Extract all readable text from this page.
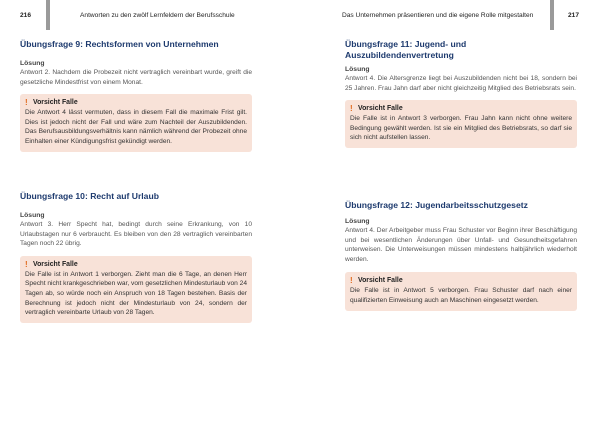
216	Antworten zu den zwölf Lernfeldern der Berufsschule
Übungsfrage 9: Rechtsformen von Unternehmen
Lösung
Antwort 2. Nachdem die Probezeit nicht vertraglich vereinbart wurde, greift die gesetzliche Mindestfrist von einem Monat.
! Vorsicht Falle
Die Antwort 4 lässt vermuten, dass in diesem Fall die maximale Frist gilt. Dies ist jedoch nicht der Fall und wäre zum Nachteil der Auszubildenden. Das Berufsausbildungsverhältnis kann nämlich während der Probezeit ohne Einhalten einer Kündigungsfrist gekündigt werden.
Übungsfrage 10: Recht auf Urlaub
Lösung
Antwort 3. Herr Specht hat, bedingt durch seine Erkrankung, von 10 Urlaubstagen nur 6 verbraucht. Es bleiben von den 28 vertraglich vereinbarten Tagen noch 22 übrig.
! Vorsicht Falle
Die Falle ist in Antwort 1 verborgen. Zieht man die 6 Tage, an denen Herr Specht nicht krankgeschrieben war, vom gesetzlichen Mindesturlaub von 24 Tagen ab, so würde noch ein Anspruch von 18 Tagen bestehen. Basis der Berechnung ist jedoch nicht der Mindesturlaub von 24, sondern der vertraglich vereinbarte Urlaub von 28 Tagen.
Das Unternehmen präsentieren und die eigene Rolle mitgestalten	217
Übungsfrage 11: Jugend- und Auszubildendenvertretung
Lösung
Antwort 4. Die Altersgrenze liegt bei Auszubildenden nicht bei 18, sondern bei 25 Jahren. Frau Jahn darf aber nicht gleichzeitig Mitglied des Betriebsrats sein.
! Vorsicht Falle
Die Falle ist in Antwort 3 verborgen. Frau Jahn kann nicht ohne weitere Bedingung gewählt werden. Ist sie ein Mitglied des Betriebsrats, so darf sie sich nicht aufstellen lassen.
Übungsfrage 12: Jugendarbeitsschutzgesetz
Lösung
Antwort 4. Der Arbeitgeber muss Frau Schuster vor Beginn ihrer Beschäftigung und bei wesentlichen Änderungen über Unfall- und Gesundheitsgefahren unterweisen. Die Unterweisungen müssen mindestens halbjährlich wiederholt werden.
! Vorsicht Falle
Die Falle ist in Antwort 5 verborgen. Frau Schuster darf nach einer qualifizierten Einweisung auch an Maschinen eingesetzt werden.
